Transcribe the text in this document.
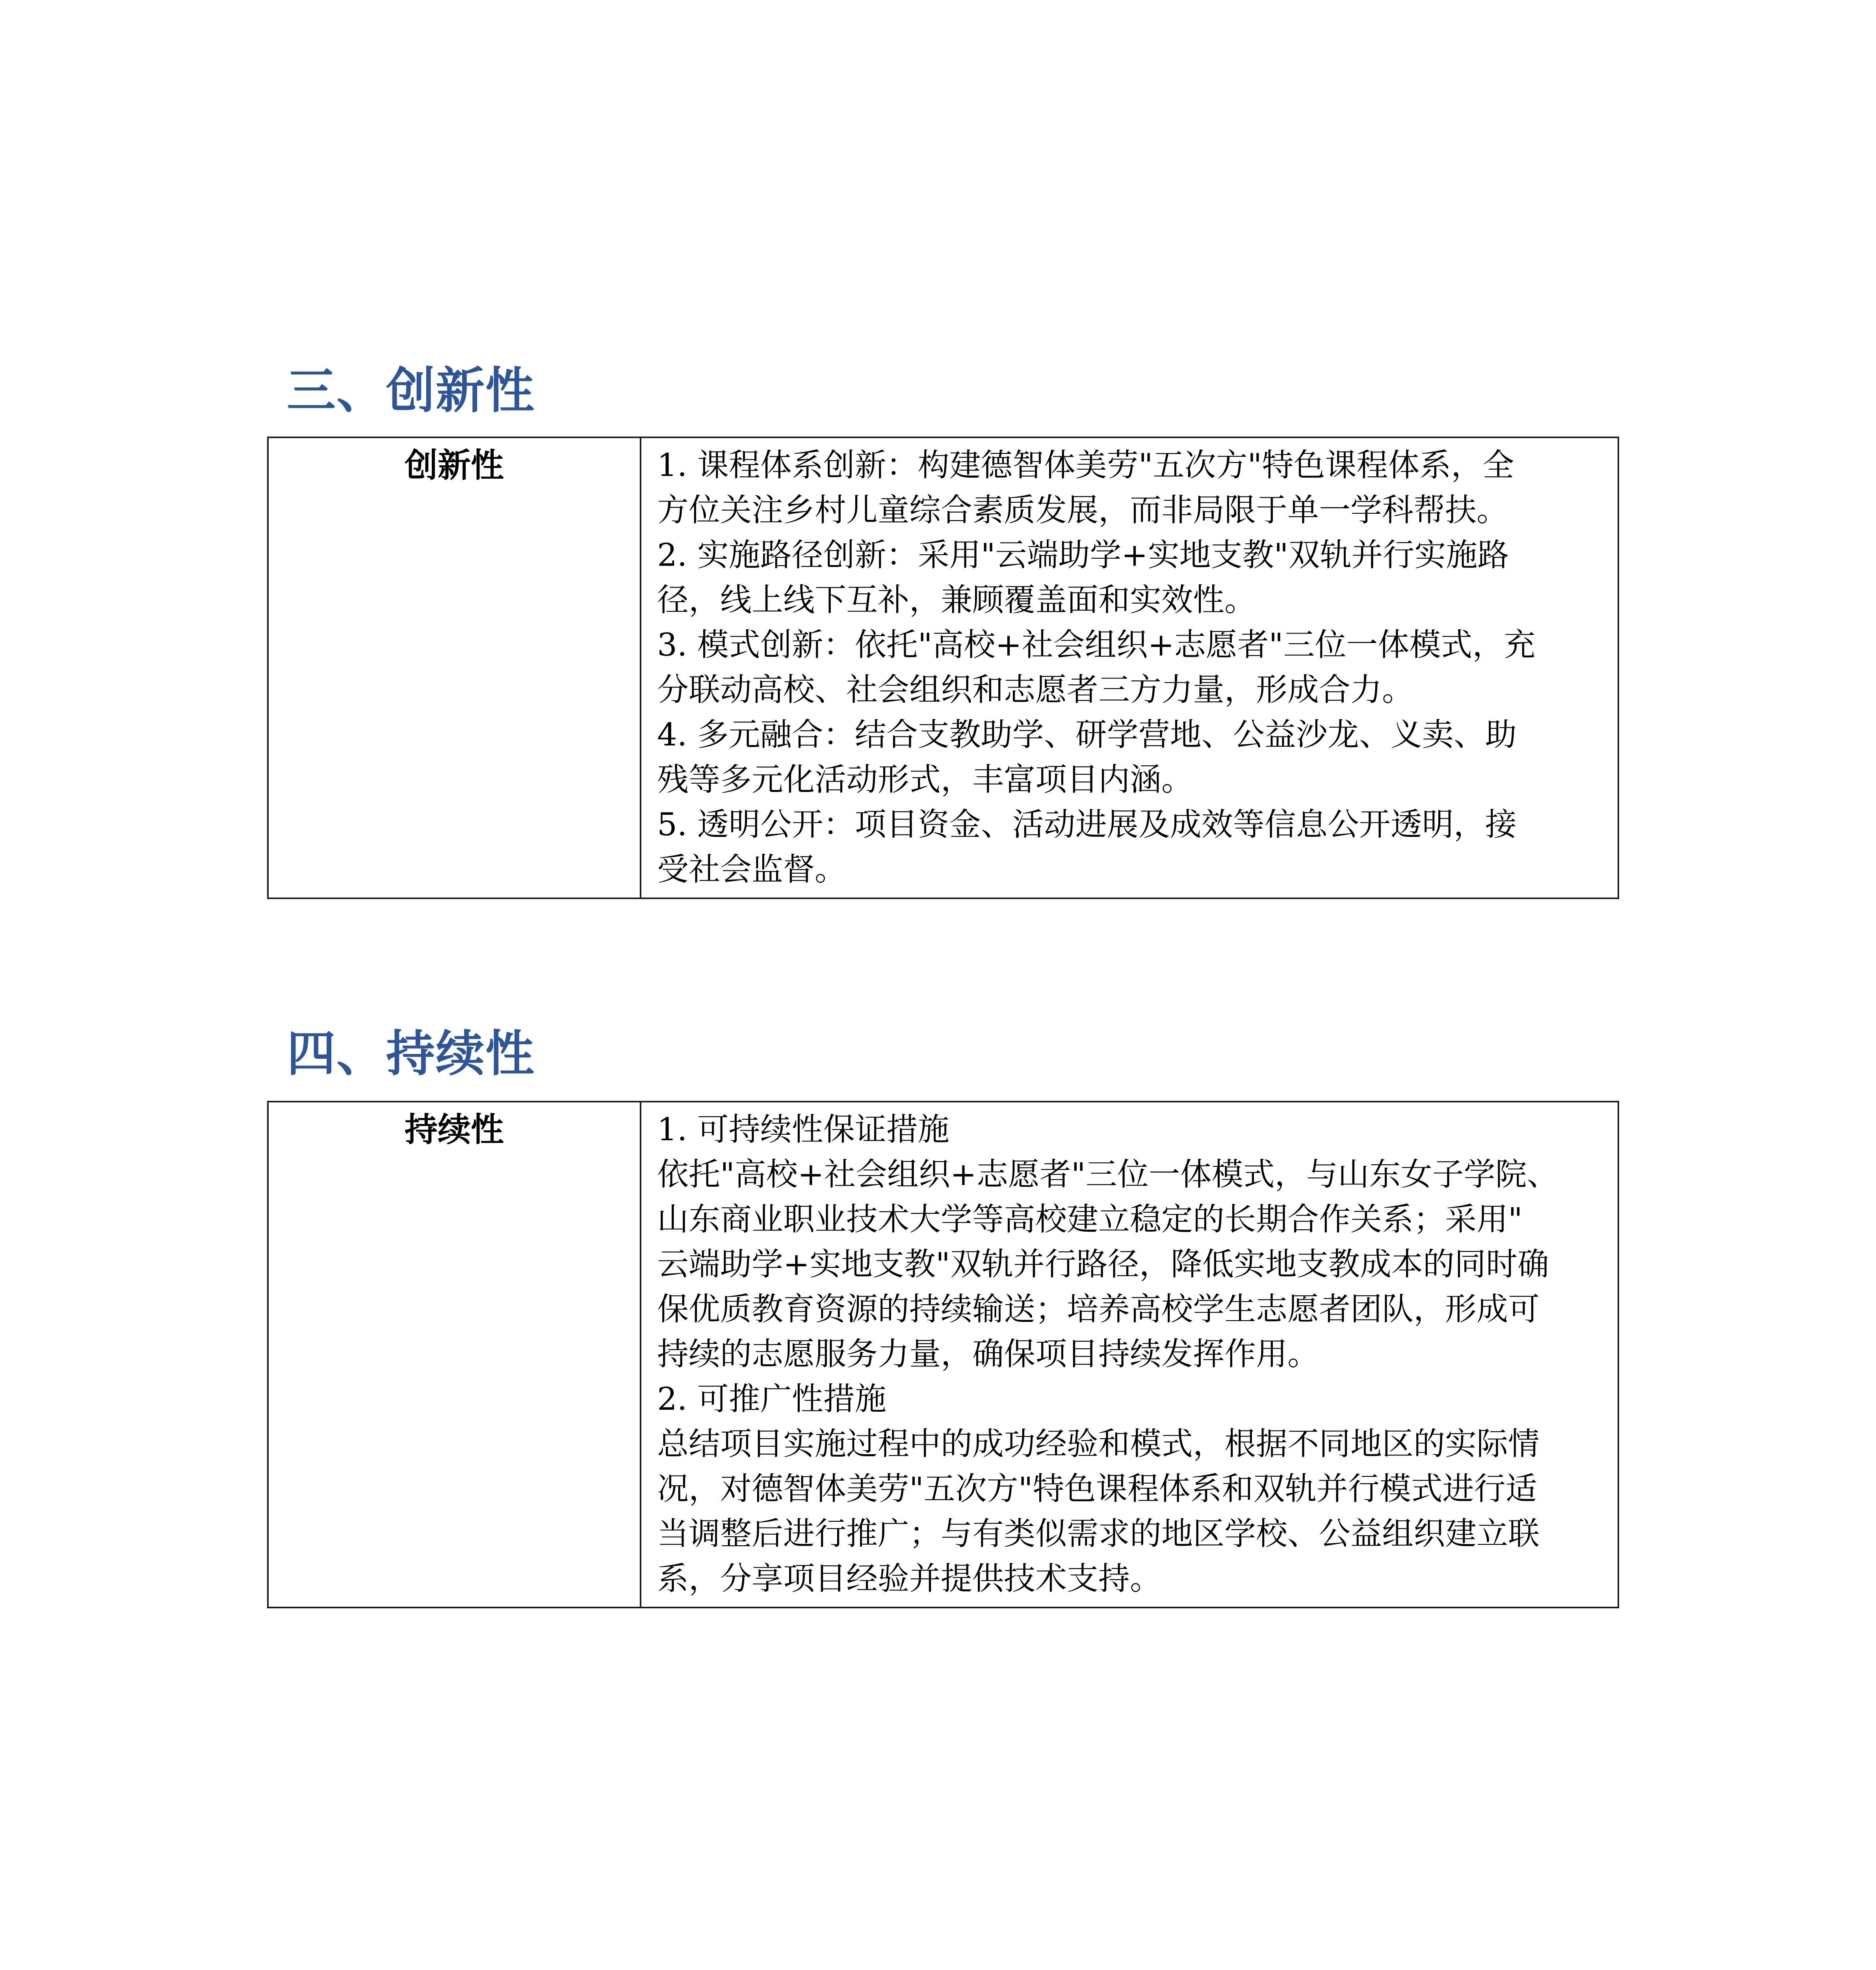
三、创新性
创新性	1. 课程体系创新：构建德智体美劳"五次方"特色课程体系，全
方位关注乡村儿童综合素质发展，而非局限于单一学科帮扶。
2. 实施路径创新：采用"云端助学+实地支教"双轨并行实施路
径，线上线下互补，兼顾覆盖面和实效性。
3. 模式创新：依托"高校+社会组织+志愿者"三位一体模式，充
分联动高校、社会组织和志愿者三方力量，形成合力。
4. 多元融合：结合支教助学、研学营地、公益沙龙、义卖、助
残等多元化活动形式，丰富项目内涵。
5. 透明公开：项目资金、活动进展及成效等信息公开透明，接
受社会监督。
四、持续性
持续性	1. 可持续性保证措施
依托"高校+社会组织+志愿者"三位一体模式，与山东女子学院、
山东商业职业技术大学等高校建立稳定的长期合作关系；采用"
云端助学+实地支教"双轨并行路径，降低实地支教成本的同时确
保优质教育资源的持续输送；培养高校学生志愿者团队，形成可
持续的志愿服务力量，确保项目持续发挥作用。
2. 可推广性措施
总结项目实施过程中的成功经验和模式，根据不同地区的实际情
况，对德智体美劳"五次方"特色课程体系和双轨并行模式进行适
当调整后进行推广；与有类似需求的地区学校、公益组织建立联
系，分享项目经验并提供技术支持。
